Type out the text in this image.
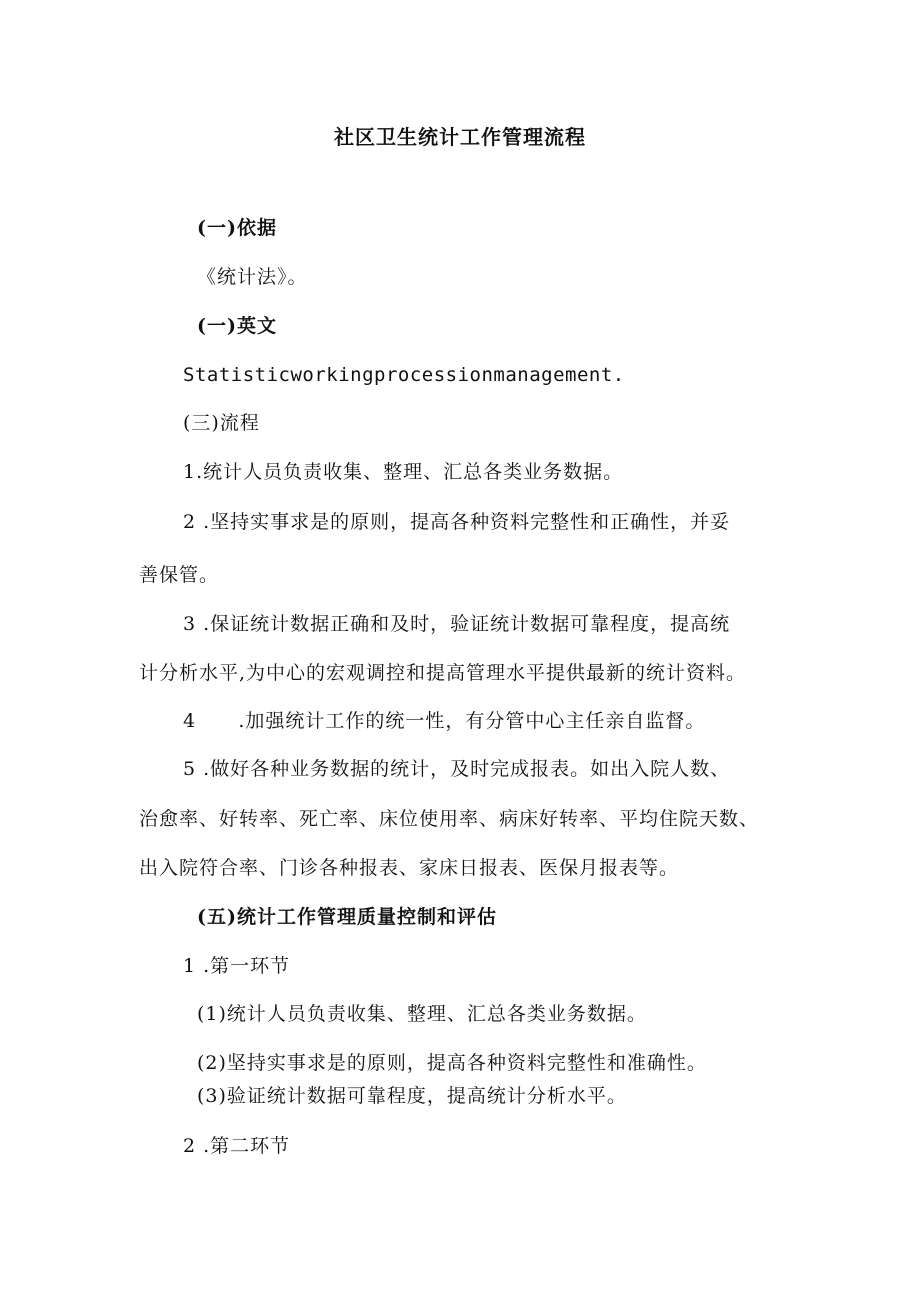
社区卫生统计工作管理流程
(一)依据
《统计法》。
(一)英文
Statisticworkingprocessionmanagement.
(三)流程
1.统计人员负责收集、整理、汇总各类业务数据。
2 .坚持实事求是的原则，提高各种资料完整性和正确性，并妥
善保管。
3 .保证统计数据正确和及时，验证统计数据可靠程度，提高统
计分析水平,为中心的宏观调控和提高管理水平提供最新的统计资料。
4      .加强统计工作的统一性，有分管中心主任亲自监督。
5 .做好各种业务数据的统计，及时完成报表。如出入院人数、
治愈率、好转率、死亡率、床位使用率、病床好转率、平均住院天数、
出入院符合率、门诊各种报表、家床日报表、医保月报表等。
(五)统计工作管理质量控制和评估
1 .第一环节
(1)统计人员负责收集、整理、汇总各类业务数据。
(2)坚持实事求是的原则，提高各种资料完整性和准确性。
(3)验证统计数据可靠程度，提高统计分析水平。
2 .第二环节
